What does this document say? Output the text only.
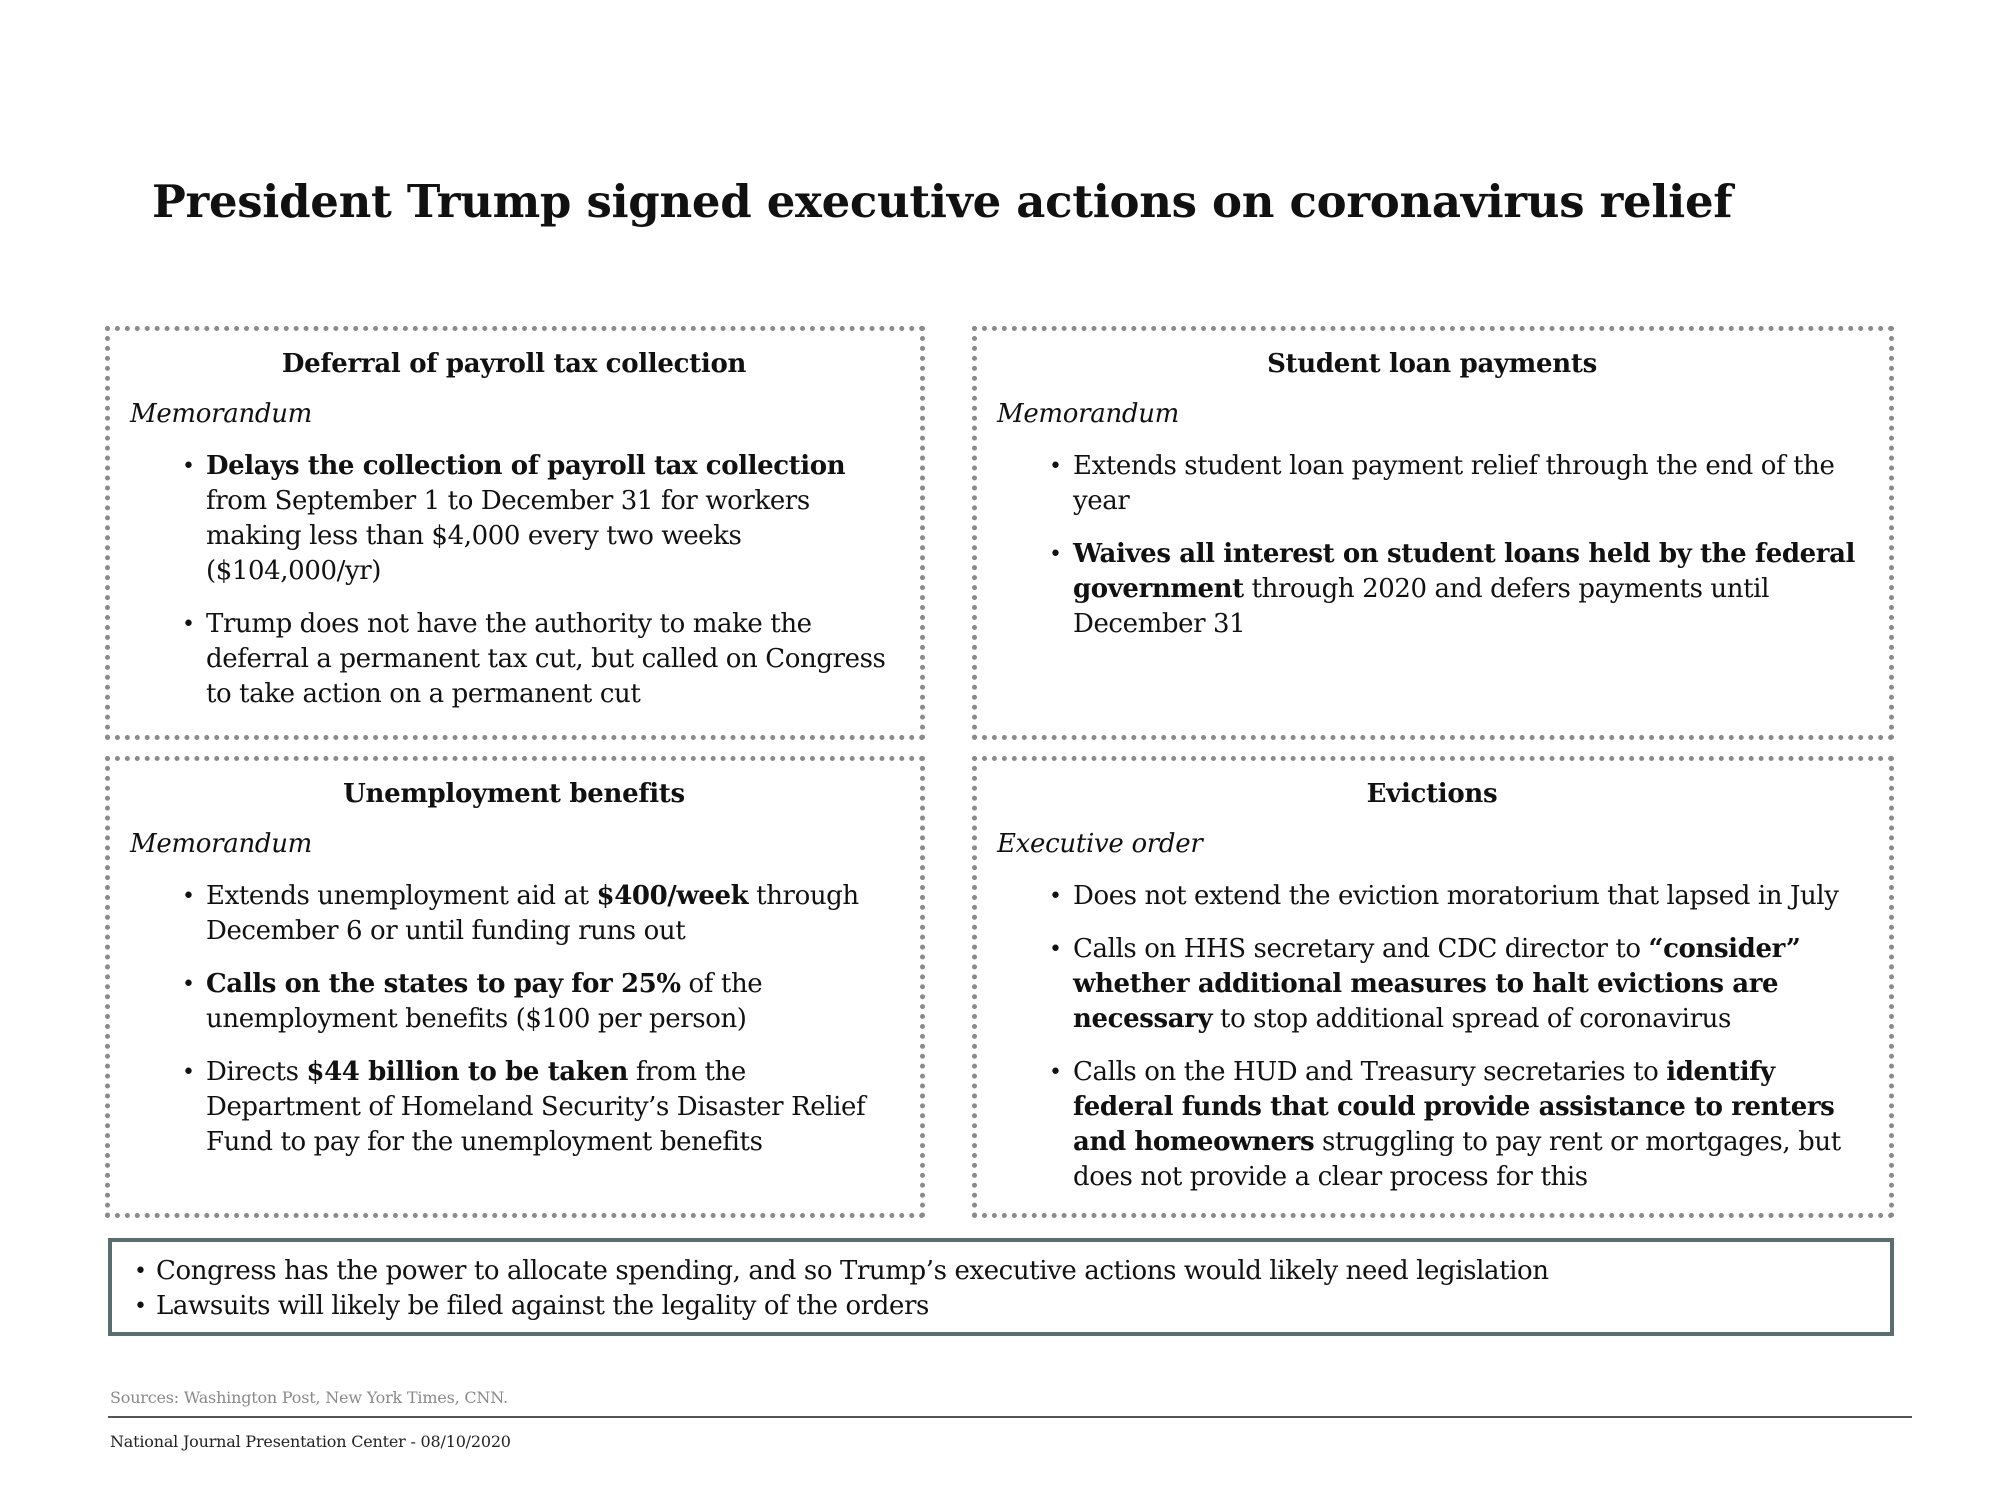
President Trump signed executive actions on coronavirus relief
Deferral of payroll tax collection
Memorandum
• Delays the collection of payroll tax collection from September 1 to December 31 for workers making less than $4,000 every two weeks ($104,000/yr)
• Trump does not have the authority to make the deferral a permanent tax cut, but called on Congress to take action on a permanent cut
Student loan payments
Memorandum
• Extends student loan payment relief through the end of the year
• Waives all interest on student loans held by the federal government through 2020 and defers payments until December 31
Unemployment benefits
Memorandum
• Extends unemployment aid at $400/week through December 6 or until funding runs out
• Calls on the states to pay for 25% of the unemployment benefits ($100 per person)
• Directs $44 billion to be taken from the Department of Homeland Security’s Disaster Relief Fund to pay for the unemployment benefits
Evictions
Executive order
• Does not extend the eviction moratorium that lapsed in July
• Calls on HHS secretary and CDC director to “consider” whether additional measures to halt evictions are necessary to stop additional spread of coronavirus
• Calls on the HUD and Treasury secretaries to identify federal funds that could provide assistance to renters and homeowners struggling to pay rent or mortgages, but does not provide a clear process for this
• Congress has the power to allocate spending, and so Trump’s executive actions would likely need legislation
• Lawsuits will likely be filed against the legality of the orders
Sources: Washington Post, New York Times, CNN.
National Journal Presentation Center - 08/10/2020
